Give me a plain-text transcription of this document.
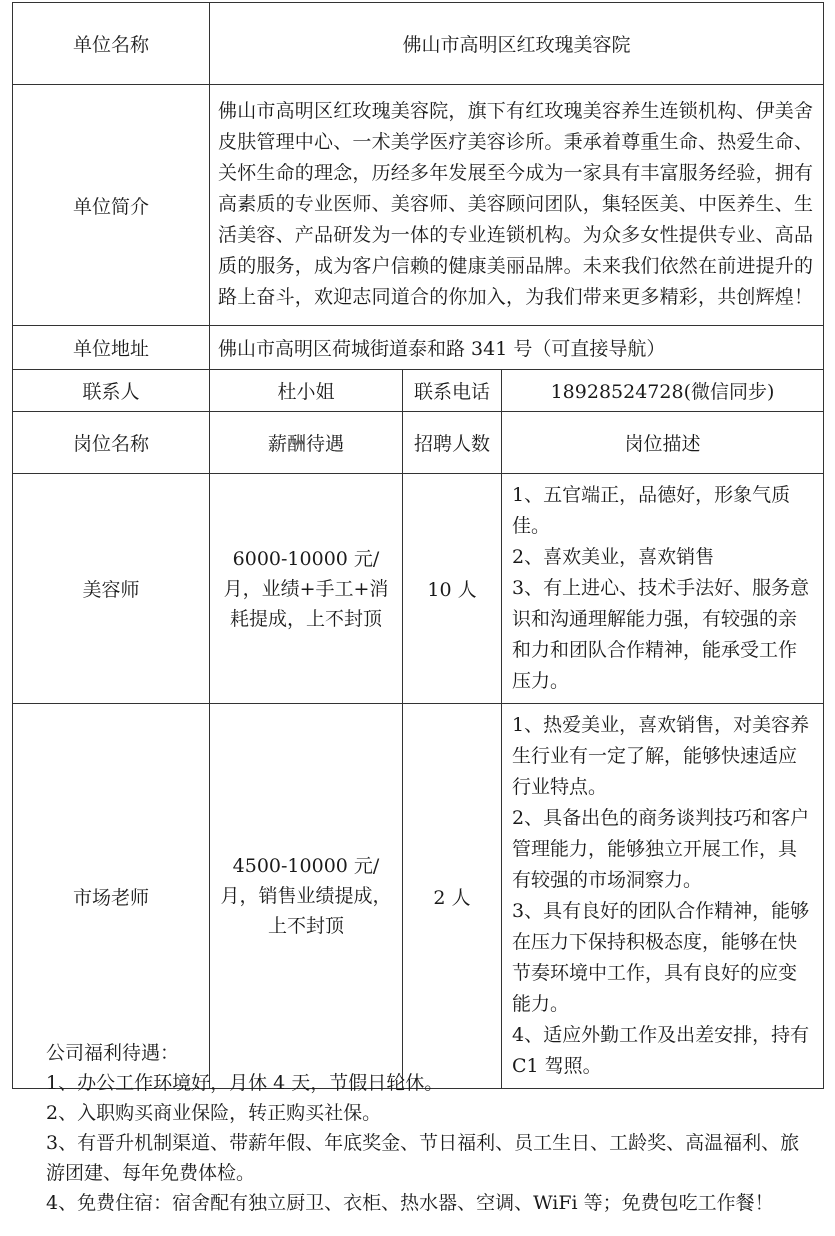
单位名称	佛山市高明区红玫瑰美容院		
单位简介	佛山市高明区红玫瑰美容院，旗下有红玫瑰美容养生连锁机构、伊美舍皮肤管理中心、一术美学医疗美容诊所。秉承着尊重生命、热爱生命、关怀生命的理念，历经多年发展至今成为一家具有丰富服务经验，拥有高素质的专业医师、美容师、美容顾问团队，集轻医美、中医养生、生活美容、产品研发为一体的专业连锁机构。为众多女性提供专业、高品质的服务，成为客户信赖的健康美丽品牌。未来我们依然在前进提升的路上奋斗，欢迎志同道合的你加入，为我们带来更多精彩，共创辉煌！		
单位地址	佛山市高明区荷城街道泰和路 341 号（可直接导航）		
联系人	杜小姐	联系电话	18928524728(微信同步)
岗位名称	薪酬待遇	招聘人数	岗位描述
美容师	6000-10000 元/月，业绩+手工+消耗提成，上不封顶	10 人	1、五官端正，品德好，形象气质佳。
2、喜欢美业，喜欢销售
3、有上进心、技术手法好、服务意识和沟通理解能力强，有较强的亲和力和团队合作精神，能承受工作压力。
市场老师	4500-10000 元/月，销售业绩提成，上不封顶	2 人	1、热爱美业，喜欢销售，对美容养生行业有一定了解，能够快速适应行业特点。
2、具备出色的商务谈判技巧和客户管理能力，能够独立开展工作，具有较强的市场洞察力。
3、具有良好的团队合作精神，能够在压力下保持积极态度，能够在快节奏环境中工作，具有良好的应变能力。
4、适应外勤工作及出差安排，持有 C1 驾照。
公司福利待遇：
1、办公工作环境好，月休 4 天，节假日轮休。
2、入职购买商业保险，转正购买社保。
3、有晋升机制渠道、带薪年假、年底奖金、节日福利、员工生日、工龄奖、高温福利、旅游团建、每年免费体检。
4、免费住宿：宿舍配有独立厨卫、衣柜、热水器、空调、WiFi 等；免费包吃工作餐！
